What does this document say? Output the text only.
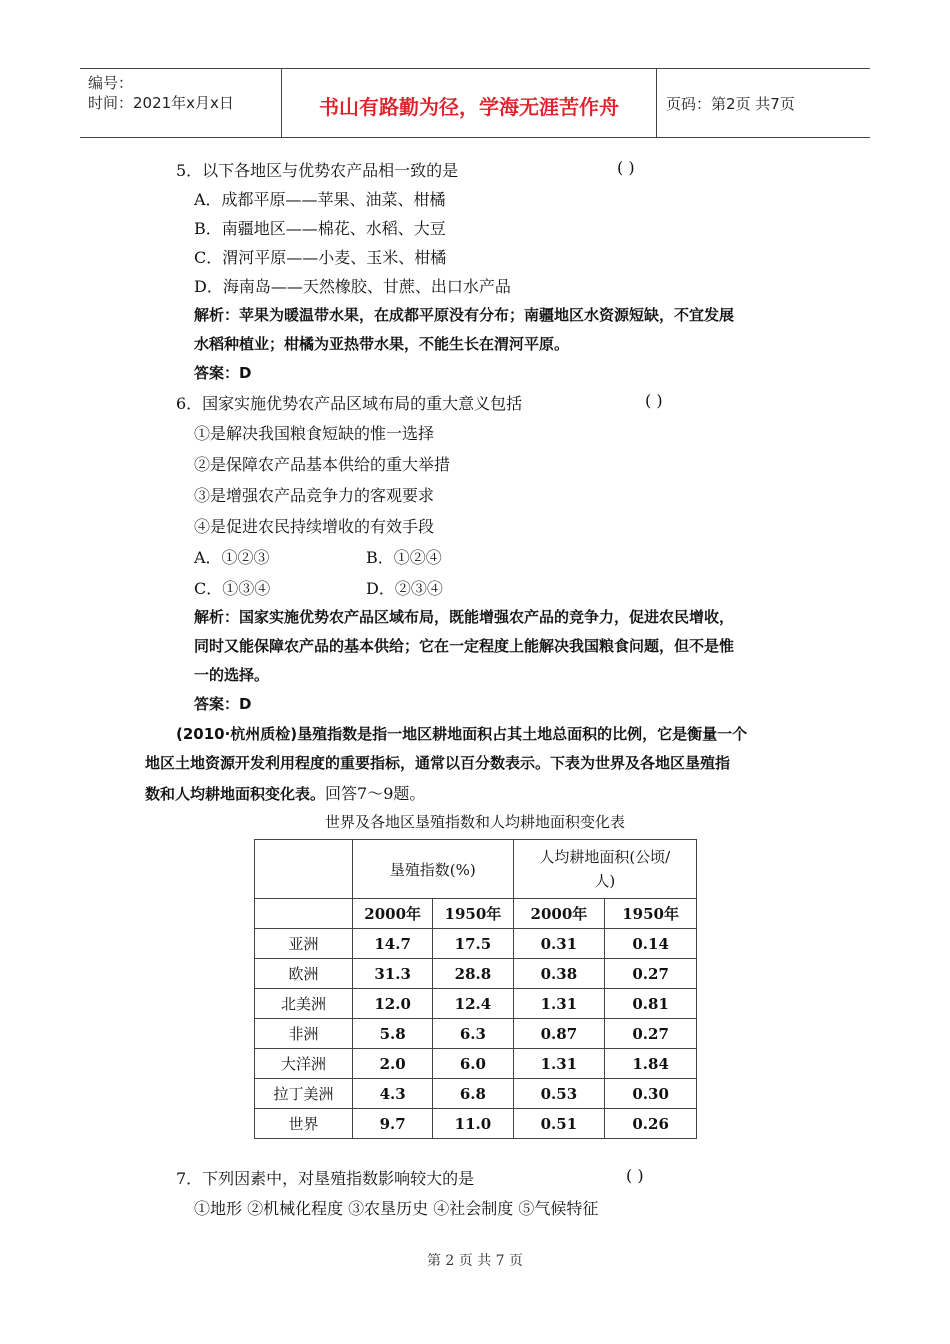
编号：
时间：2021年x月x日	书山有路勤为径，学海无涯苦作舟	页码：第2页 共7页
5．以下各地区与优势农产品相一致的是	( )
A．成都平原——苹果、油菜、柑橘
B．南疆地区——棉花、水稻、大豆
C．渭河平原——小麦、玉米、柑橘
D．海南岛——天然橡胶、甘蔗、出口水产品
解析：苹果为暖温带水果，在成都平原没有分布；南疆地区水资源短缺，不宜发展
水稻种植业；柑橘为亚热带水果，不能生长在渭河平原。
答案：D
6．国家实施优势农产品区域布局的重大意义包括	( )
①是解决我国粮食短缺的惟一选择
②是保障农产品基本供给的重大举措
③是增强农产品竞争力的客观要求
④是促进农民持续增收的有效手段
A．①②③	B．①②④
C．①③④	D．②③④
解析：国家实施优势农产品区域布局，既能增强农产品的竞争力，促进农民增收，
同时又能保障农产品的基本供给；它在一定程度上能解决我国粮食问题，但不是惟
一的选择。
答案：D
(2010·杭州质检)垦殖指数是指一地区耕地面积占其土地总面积的比例，它是衡量一个
地区土地资源开发利用程度的重要指标，通常以百分数表示。下表为世界及各地区垦殖指
数和人均耕地面积变化表。回答7～9题。
世界及各地区垦殖指数和人均耕地面积变化表
	垦殖指数(%)		人均耕地面积(公顷/
人)	

	2000年	1950年	2000年	1950年
亚洲	14.7	17.5	0.31	0.14
欧洲	31.3	28.8	0.38	0.27
北美洲	12.0	12.4	1.31	0.81
非洲	5.8	6.3	0.87	0.27
大洋洲	2.0	6.0	1.31	1.84
拉丁美洲	4.3	6.8	0.53	0.30
世界	9.7	11.0	0.51	0.26
7．下列因素中，对垦殖指数影响较大的是	( )
①地形 ②机械化程度 ③农垦历史 ④社会制度 ⑤气候特征
第 2 页 共 7 页
